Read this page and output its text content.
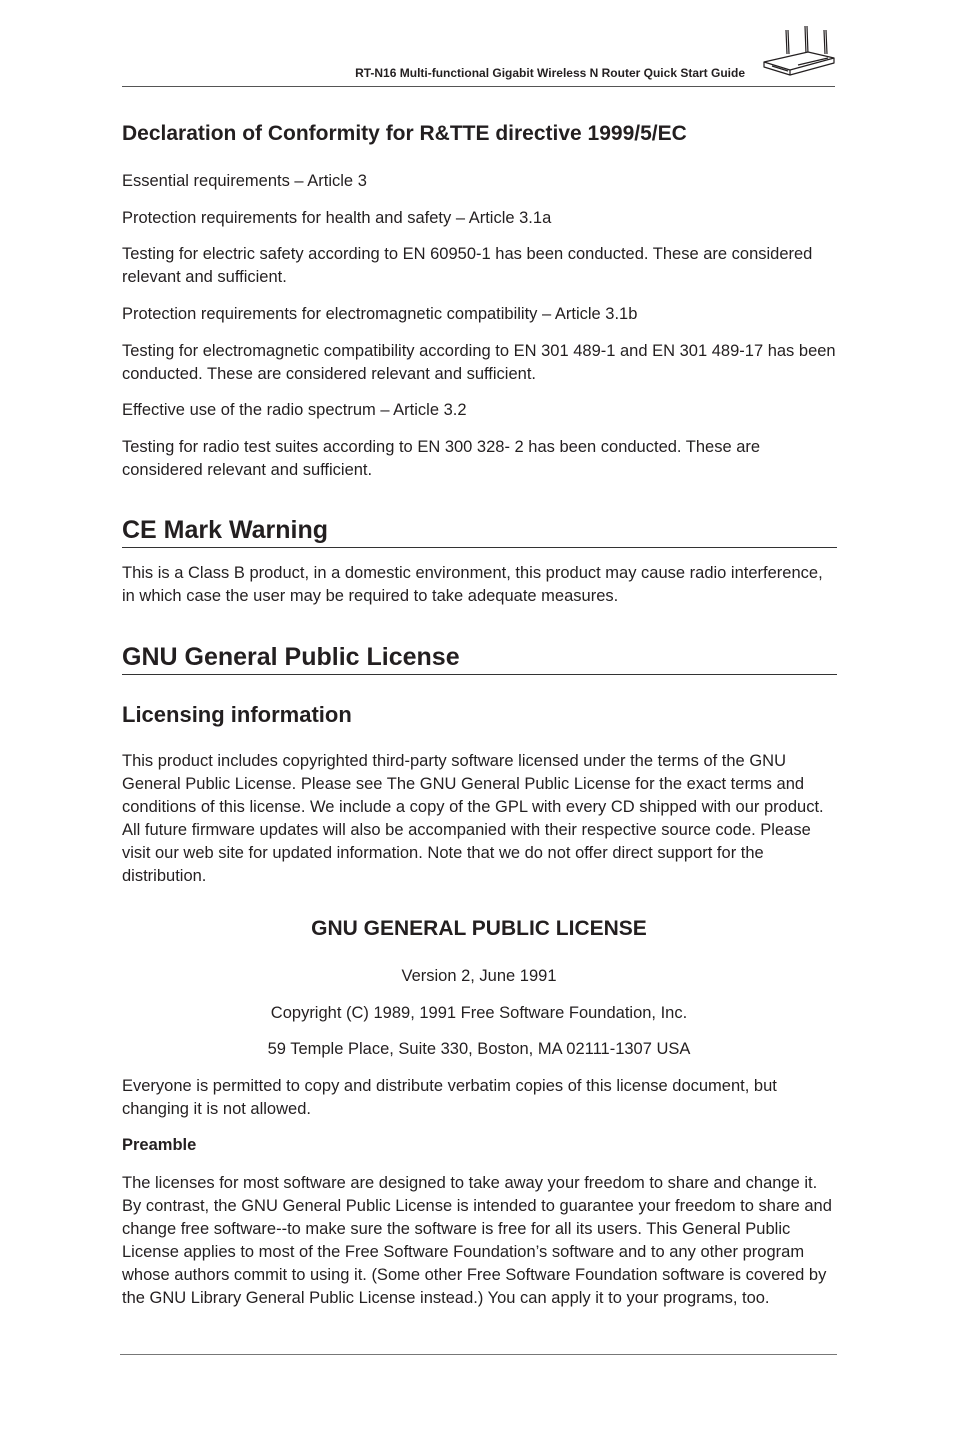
RT-N16 Multi-functional Gigabit Wireless N Router Quick Start Guide
Declaration of Conformity for R&TTE directive 1999/5/EC
Essential requirements – Article 3
Protection requirements for health and safety – Article 3.1a
Testing for electric safety according to EN 60950-1 has been conducted. These are considered relevant and sufficient.
Protection requirements for electromagnetic compatibility – Article 3.1b
Testing for electromagnetic compatibility according to EN 301 489-1 and EN 301 489-17 has been conducted. These are considered relevant and sufficient.
Effective use of the radio spectrum – Article 3.2
Testing for radio test suites according to EN 300 328- 2 has been conducted. These are considered relevant and sufficient.
CE Mark Warning
This is a Class B product, in a domestic environment, this product may cause radio interference, in which case the user may be required to take adequate measures.
GNU General Public License
Licensing information
This product includes copyrighted third-party software licensed under the terms of the GNU General Public License. Please see The GNU General Public License for the exact terms and conditions of this license. We include a copy of the GPL with every CD shipped with our product. All future firmware updates will also be accompanied with their respective source code. Please visit our web site for updated information. Note that we do not offer direct support for the distribution.
GNU GENERAL PUBLIC LICENSE
Version 2, June 1991
Copyright (C) 1989, 1991 Free Software Foundation, Inc.
59 Temple Place, Suite 330, Boston, MA 02111-1307 USA
Everyone is permitted to copy and distribute verbatim copies of this license document, but changing it is not allowed.
Preamble
The licenses for most software are designed to take away your freedom to share and change it. By contrast, the GNU General Public License is intended to guarantee your freedom to share and change free software--to make sure the software is free for all its users. This General Public License applies to most of the Free Software Foundation’s software and to any other program whose authors commit to using it. (Some other Free Software Foundation software is covered by the GNU Library General Public License instead.) You can apply it to your programs, too.
